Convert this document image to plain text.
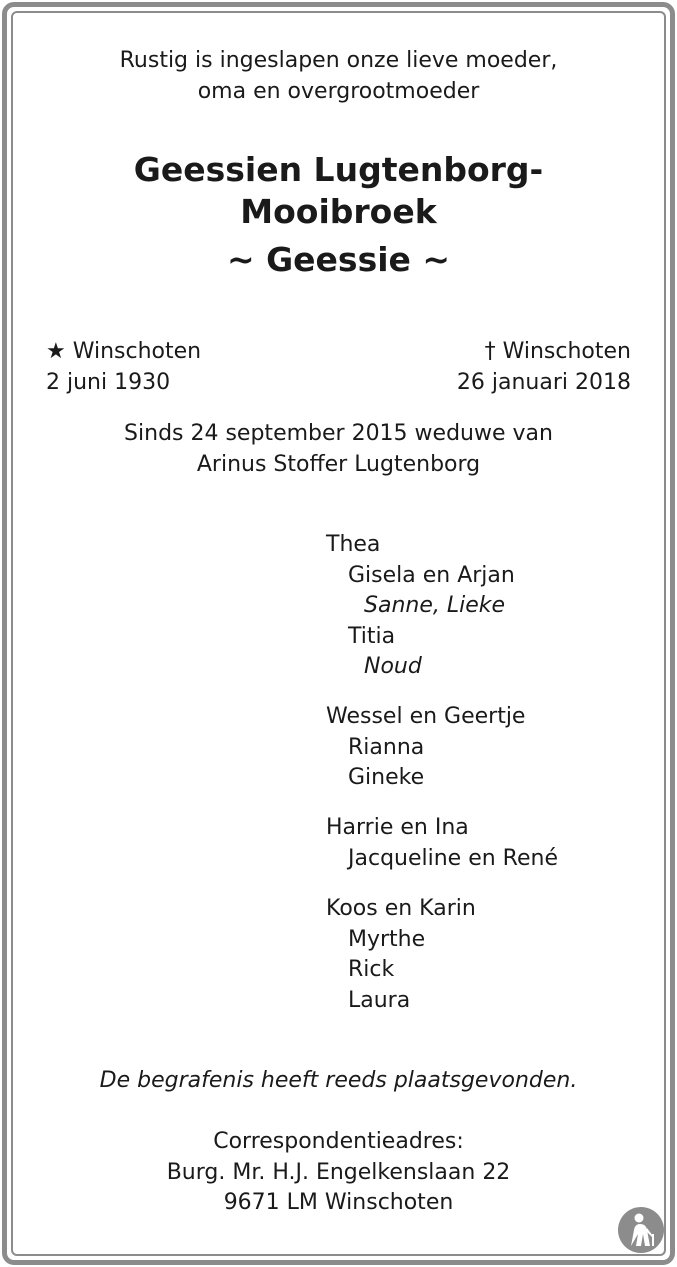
Rustig is ingeslapen onze lieve moeder,
oma en overgrootmoeder
Geessien Lugtenborg-
Mooibroek
~ Geessie ~
★ Winschoten
2 juni 1930
† Winschoten
26 januari 2018
Sinds 24 september 2015 weduwe van
Arinus Stoffer Lugtenborg
Thea
Gisela en Arjan
Sanne, Lieke
Titia
Noud
Wessel en Geertje
Rianna
Gineke
Harrie en Ina
Jacqueline en René
Koos en Karin
Myrthe
Rick
Laura
De begrafenis heeft reeds plaatsgevonden.
Correspondentieadres:
Burg. Mr. H.J. Engelkenslaan 22
9671 LM Winschoten
